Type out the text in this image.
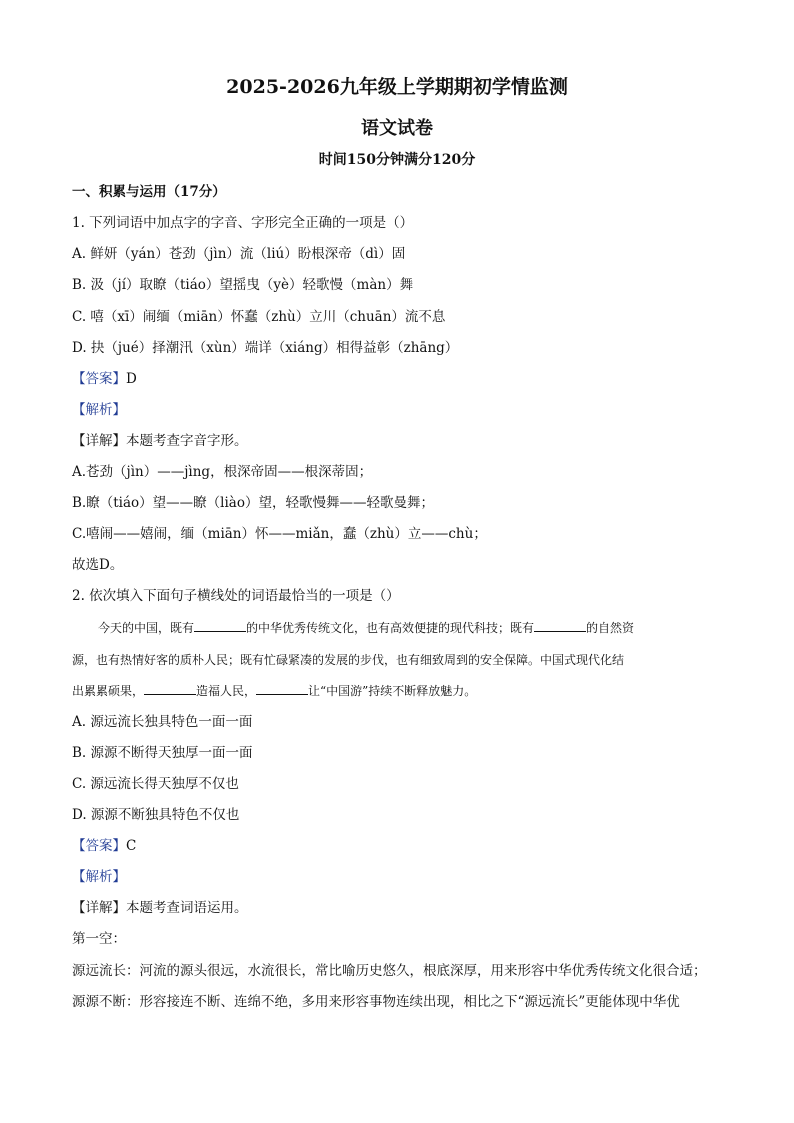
2025-2026九年级上学期期初学情监测
语文试卷
时间150分钟满分120分
一、积累与运用（17分）
1. 下列词语中加点字的字音、字形完全正确的一项是（）
A. 鲜妍（yán）苍劲（jìn）流（liú）盼根深帝（dì）固
B. 汲（jí）取瞭（tiáo）望摇曳（yè）轻歌慢（màn）舞
C. 嘻（xī）闹缅（miān）怀蠢（zhù）立川（chuān）流不息
D. 抉（jué）择潮汛（xùn）端详（xiáng）相得益彰（zhāng）
【答案】D
【解析】
【详解】本题考查字音字形。
A.苍劲（jìn）——jìng，根深帝固——根深蒂固；
B.瞭（tiáo）望——瞭（liào）望，轻歌慢舞——轻歌曼舞；
C.嘻闹——嬉闹，缅（miān）怀——miǎn，蠢（zhù）立——chù；
故选D。
2. 依次填入下面句子横线处的词语最恰当的一项是（）
今天的中国，既有	的中华优秀传统文化，也有高效便捷的现代科技；既有	的自然资
源，也有热情好客的质朴人民；既有忙碌紧凑的发展的步伐，也有细致周到的安全保障。中国式现代化结
出累累硕果，	造福人民，	让“中国游”持续不断释放魅力。
A. 源远流长独具特色一面一面
B. 源源不断得天独厚一面一面
C. 源远流长得天独厚不仅也
D. 源源不断独具特色不仅也
【答案】C
【解析】
【详解】本题考查词语运用。
第一空：
源远流长：河流的源头很远，水流很长，常比喻历史悠久，根底深厚，用来形容中华优秀传统文化很合适；
源源不断：形容接连不断、连绵不绝，多用来形容事物连续出现，相比之下“源远流长”更能体现中华优
